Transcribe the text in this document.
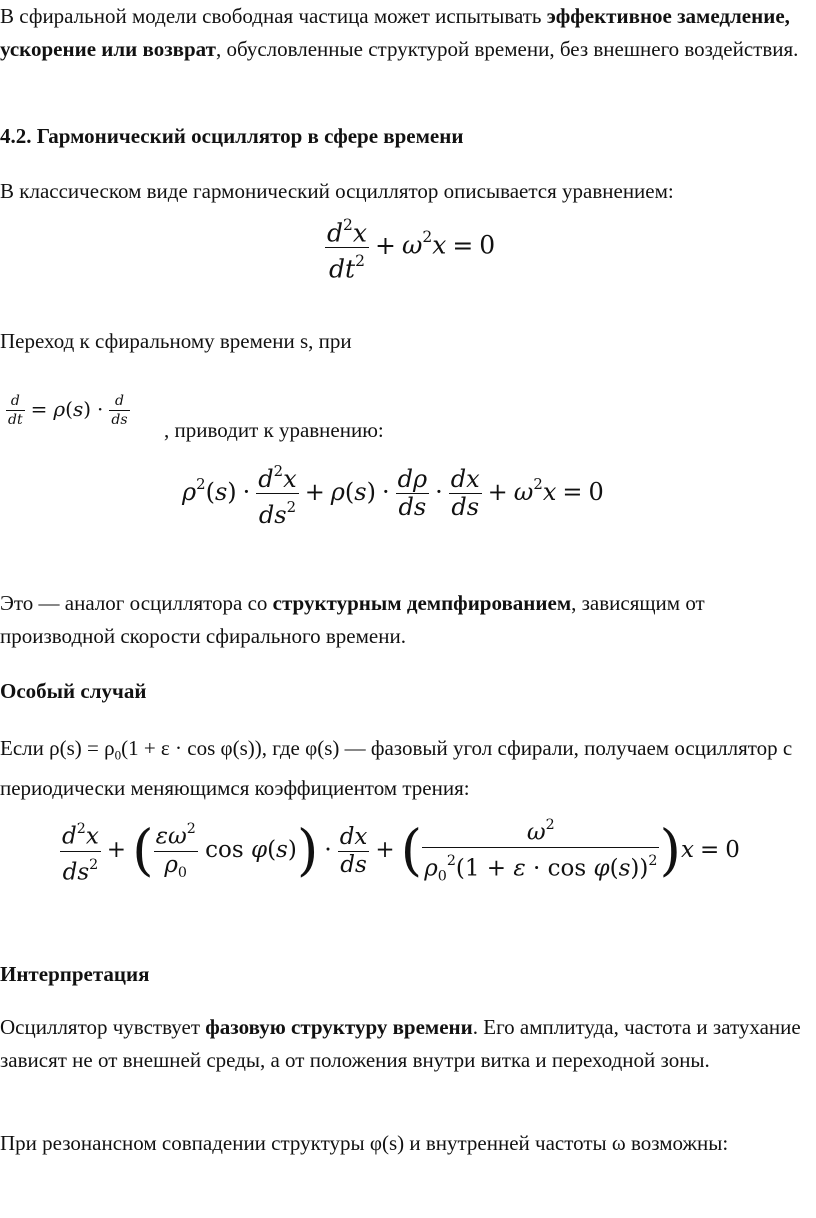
В сфиральной модели свободная частица может испытывать эффективное замедление, ускорение или возврат, обусловленные структурой времени, без внешнего воздействия.

4.2. Гармонический осциллятор в сфере времени

В классическом виде гармонический осциллятор описывается уравнением:

$\frac{d^2x}{dt^2} + \omega^2x = 0$

Переход к сфиральному времени s, при

$\frac{d}{dt} = \rho(s) \cdot \frac{d}{ds}$

, приводит к уравнению:

$\rho^2(s) \cdot \frac{d^2x}{ds^2} + \rho(s) \cdot \frac{d\rho}{ds} \cdot \frac{dx}{ds} + \omega^2x = 0$

Это — аналог осциллятора со структурным демпфированием, зависящим от производной скорости сфирального времени.

Особый случай

Если $\rho(s) = \rho_0(1 + \varepsilon \cdot \cos \varphi(s))$, где φ(s) — фазовый угол сфирали, получаем осциллятор с периодически меняющимся коэффициентом трения:

$\frac{d^2x}{ds^2}$ + ( $\frac{\varepsilon\omega^2}{\rho_0}$ $\cos \varphi(s)) \cdot \frac{dx}{ds}$ + ( $\frac{\omega^2}{\rho_0^2(1 + \varepsilon \cdot \cos \varphi(s))^2} )x = 0$

Интерпретация

Осциллятор чувствует фазовую структуру времени. Его амплитуда, частота и затухание зависят не от внешней среды, а от положения внутри витка и переходной зоны.

При резонансном совпадении структуры φ(s) и внутренней частоты ω возможны:
